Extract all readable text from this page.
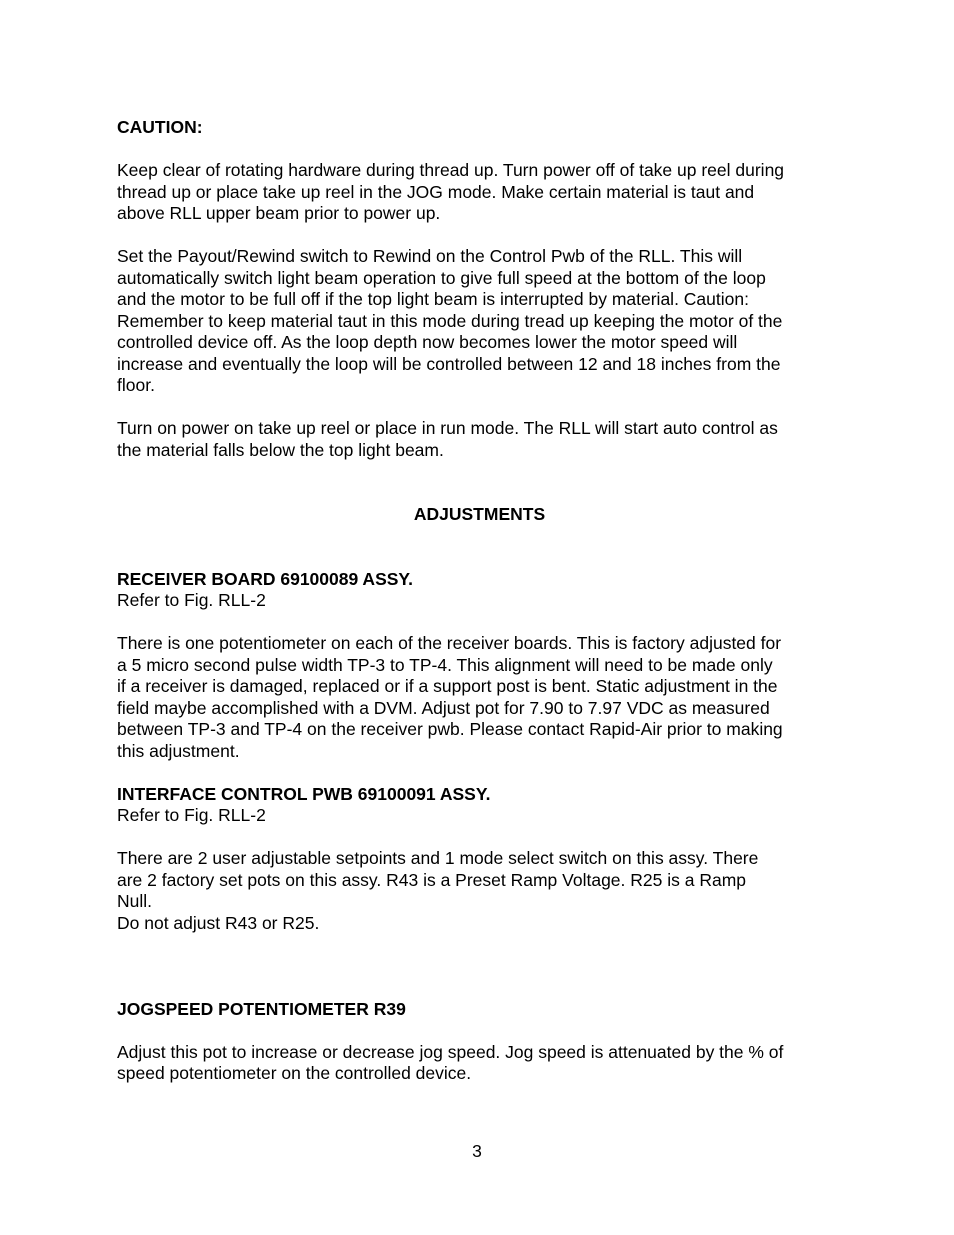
CAUTION:

Keep clear of rotating hardware during thread up. Turn power off of take up reel during
thread up or place take up reel in the JOG mode. Make certain material is taut and
above RLL upper beam prior to power up.

Set the Payout/Rewind switch to Rewind on the Control Pwb of the RLL. This will
automatically switch light beam operation to give full speed at the bottom of the loop
and the motor to be full off if the top light beam is interrupted by material. Caution:
Remember to keep material taut in this mode during tread up keeping the motor of the
controlled device off. As the loop depth now becomes lower the motor speed will
increase and eventually the loop will be controlled between 12 and 18 inches from the
floor.

Turn on power on take up reel or place in run mode. The RLL will start auto control as
the material falls below the top light beam.

ADJUSTMENTS

RECEIVER BOARD 69100089 ASSY.

Refer to Fig. RLL-2

There is one potentiometer on each of the receiver boards. This is factory adjusted for
a 5 micro second pulse width TP-3 to TP-4. This alignment will need to be made only
if a receiver is damaged, replaced or if a support post is bent. Static adjustment in the
field maybe accomplished with a DVM. Adjust pot for 7.90 to 7.97 VDC as measured
between TP-3 and TP-4 on the receiver pwb. Please contact Rapid-Air prior to making
this adjustment.

INTERFACE CONTROL PWB 69100091 ASSY.

Refer to Fig. RLL-2

There are 2 user adjustable setpoints and 1 mode select switch on this assy. There
are 2 factory set pots on this assy. R43 is a Preset Ramp Voltage. R25 is a Ramp
Null.
Do not adjust R43 or R25.

JOGSPEED POTENTIOMETER R39

Adjust this pot to increase or decrease jog speed. Jog speed is attenuated by the % of
speed potentiometer on the controlled device.

3
